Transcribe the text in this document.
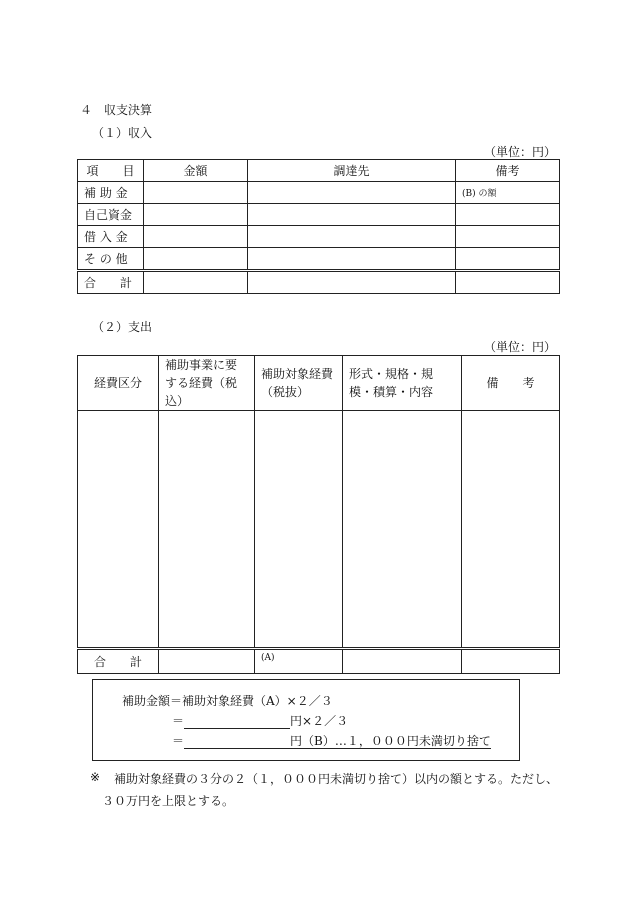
４　収支決算
（１）収入
（単位：円）
項　　目	金額	調達先	備考
補 助 金			(B) の額
自己資金			
借 入 金			
そ の 他			
合　　計			
（２）支出
（単位：円）
経費区分	補助事業に要する経費（税込）	補助対象経費（税抜）	形式・規格・規模・積算・内容	備　　考

合　　計		(A)		
補助金額＝補助対象経費（A）×２／３
＝	円×２／３
＝	円（B）…１，０００円未満切り捨て
※ 補助対象経費の３分の２（１，０００円未満切り捨て）以内の額とする。ただし、
３０万円を上限とする。
